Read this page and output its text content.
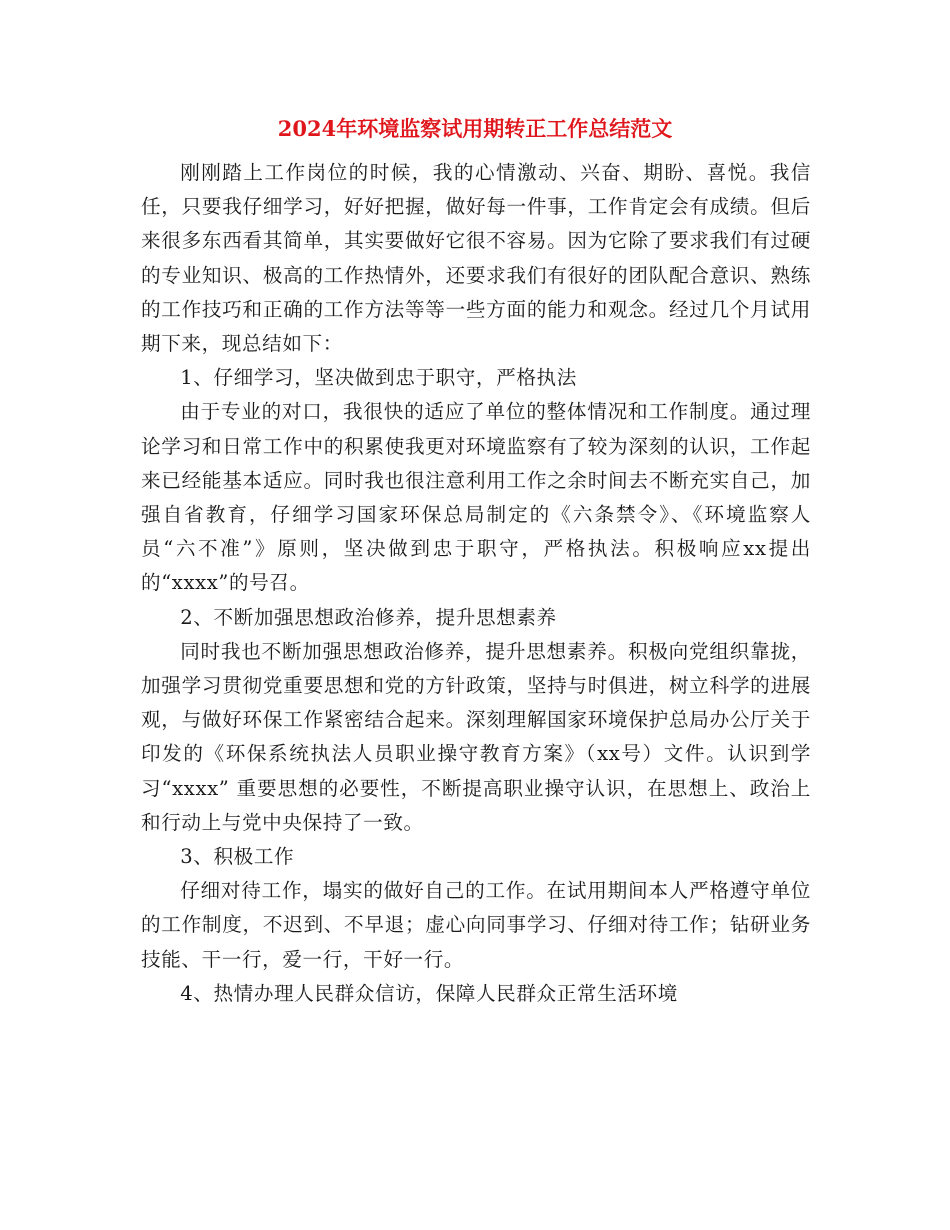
2024年环境监察试用期转正工作总结范文

刚刚踏上工作岗位的时候，我的心情激动、兴奋、期盼、喜悦。我信任，只要我仔细学习，好好把握，做好每一件事，工作肯定会有成绩。但后来很多东西看其简单，其实要做好它很不容易。因为它除了要求我们有过硬的专业知识、极高的工作热情外，还要求我们有很好的团队配合意识、熟练的工作技巧和正确的工作方法等等一些方面的能力和观念。经过几个月试用期下来，现总结如下：

1、仔细学习，坚决做到忠于职守，严格执法

由于专业的对口，我很快的适应了单位的整体情况和工作制度。通过理论学习和日常工作中的积累使我更对环境监察有了较为深刻的认识，工作起来已经能基本适应。同时我也很注意利用工作之余时间去不断充实自己，加强自省教育，仔细学习国家环保总局制定的《六条禁令》、《环境监察人员“六不准”》原则，坚决做到忠于职守，严格执法。积极响应xx提出的“xxxx”的号召。

2、不断加强思想政治修养，提升思想素养

同时我也不断加强思想政治修养，提升思想素养。积极向党组织靠拢，加强学习贯彻党重要思想和党的方针政策，坚持与时俱进，树立科学的进展观，与做好环保工作紧密结合起来。深刻理解国家环境保护总局办公厅关于印发的《环保系统执法人员职业操守教育方案》（xx号）文件。认识到学习“xxxx” 重要思想的必要性，不断提高职业操守认识，在思想上、政治上和行动上与党中央保持了一致。

3、积极工作

仔细对待工作，塌实的做好自己的工作。在试用期间本人严格遵守单位的工作制度，不迟到、不早退；虚心向同事学习、仔细对待工作；钻研业务技能、干一行，爱一行，干好一行。

4、热情办理人民群众信访，保障人民群众正常生活环境
